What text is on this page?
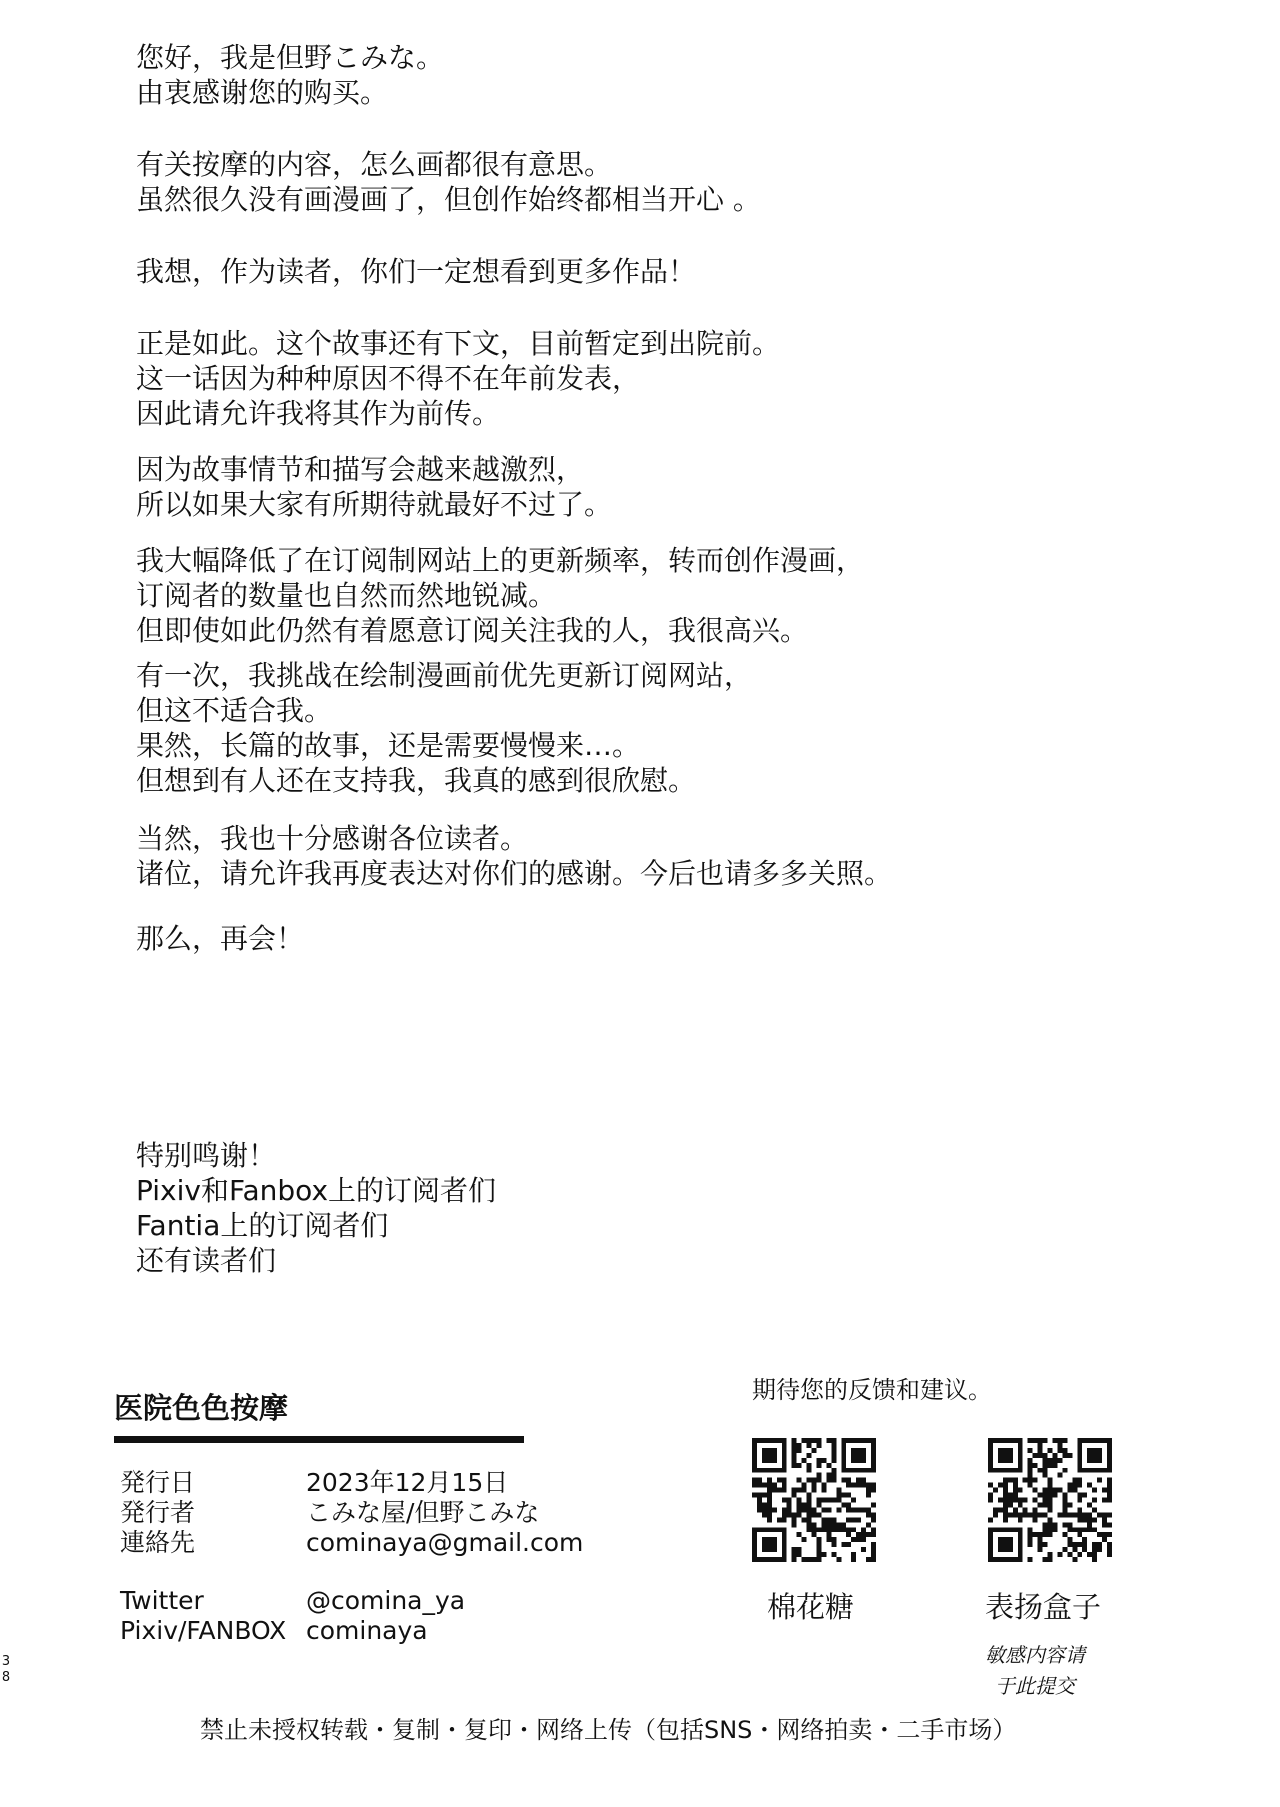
您好，我是但野こみな。
由衷感谢您的购买。
有关按摩的内容，怎么画都很有意思。
虽然很久没有画漫画了，但创作始终都相当开心 。
我想，作为读者，你们一定想看到更多作品！
正是如此。这个故事还有下文，目前暂定到出院前。
这一话因为种种原因不得不在年前发表，
因此请允许我将其作为前传。
因为故事情节和描写会越来越激烈，
所以如果大家有所期待就最好不过了。
我大幅降低了在订阅制网站上的更新频率，转而创作漫画，
订阅者的数量也自然而然地锐减。
但即使如此仍然有着愿意订阅关注我的人，我很高兴。
有一次，我挑战在绘制漫画前优先更新订阅网站，
但这不适合我。
果然，长篇的故事，还是需要慢慢来…。
但想到有人还在支持我，我真的感到很欣慰。
当然，我也十分感谢各位读者。
诸位，请允许我再度表达对你们的感谢。今后也请多多关照。
那么，再会！
特别鸣谢！
Pixiv和Fanbox上的订阅者们
Fantia上的订阅者们
还有读者们
医院色色按摩
発行日	2023年12月15日
発行者	こみな屋/但野こみな
連絡先	cominaya@gmail.com
Twitter	@comina_ya
Pixiv/FANBOX cominaya
期待您的反馈和建议。
棉花糖	表扬盒子
敏感内容请
于此提交
3
8
禁止未授权转载・复制・复印・网络上传（包括SNS・网络拍卖・二手市场）
